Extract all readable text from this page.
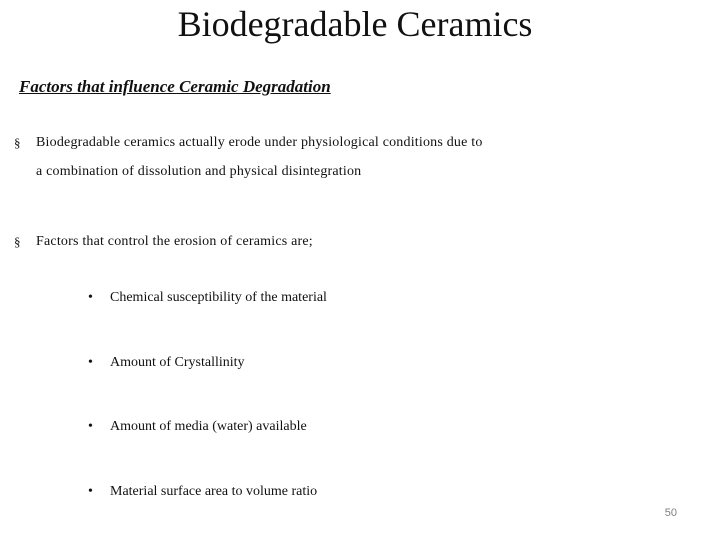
Biodegradable Ceramics
Factors that influence Ceramic Degradation
§ Biodegradable ceramics actually erode under physiological conditions due to
a combination of dissolution and physical disintegration
§ Factors that control the erosion of ceramics are;
• Chemical susceptibility of the material
• Amount of Crystallinity
• Amount of media (water) available
• Material surface area to volume ratio
50
